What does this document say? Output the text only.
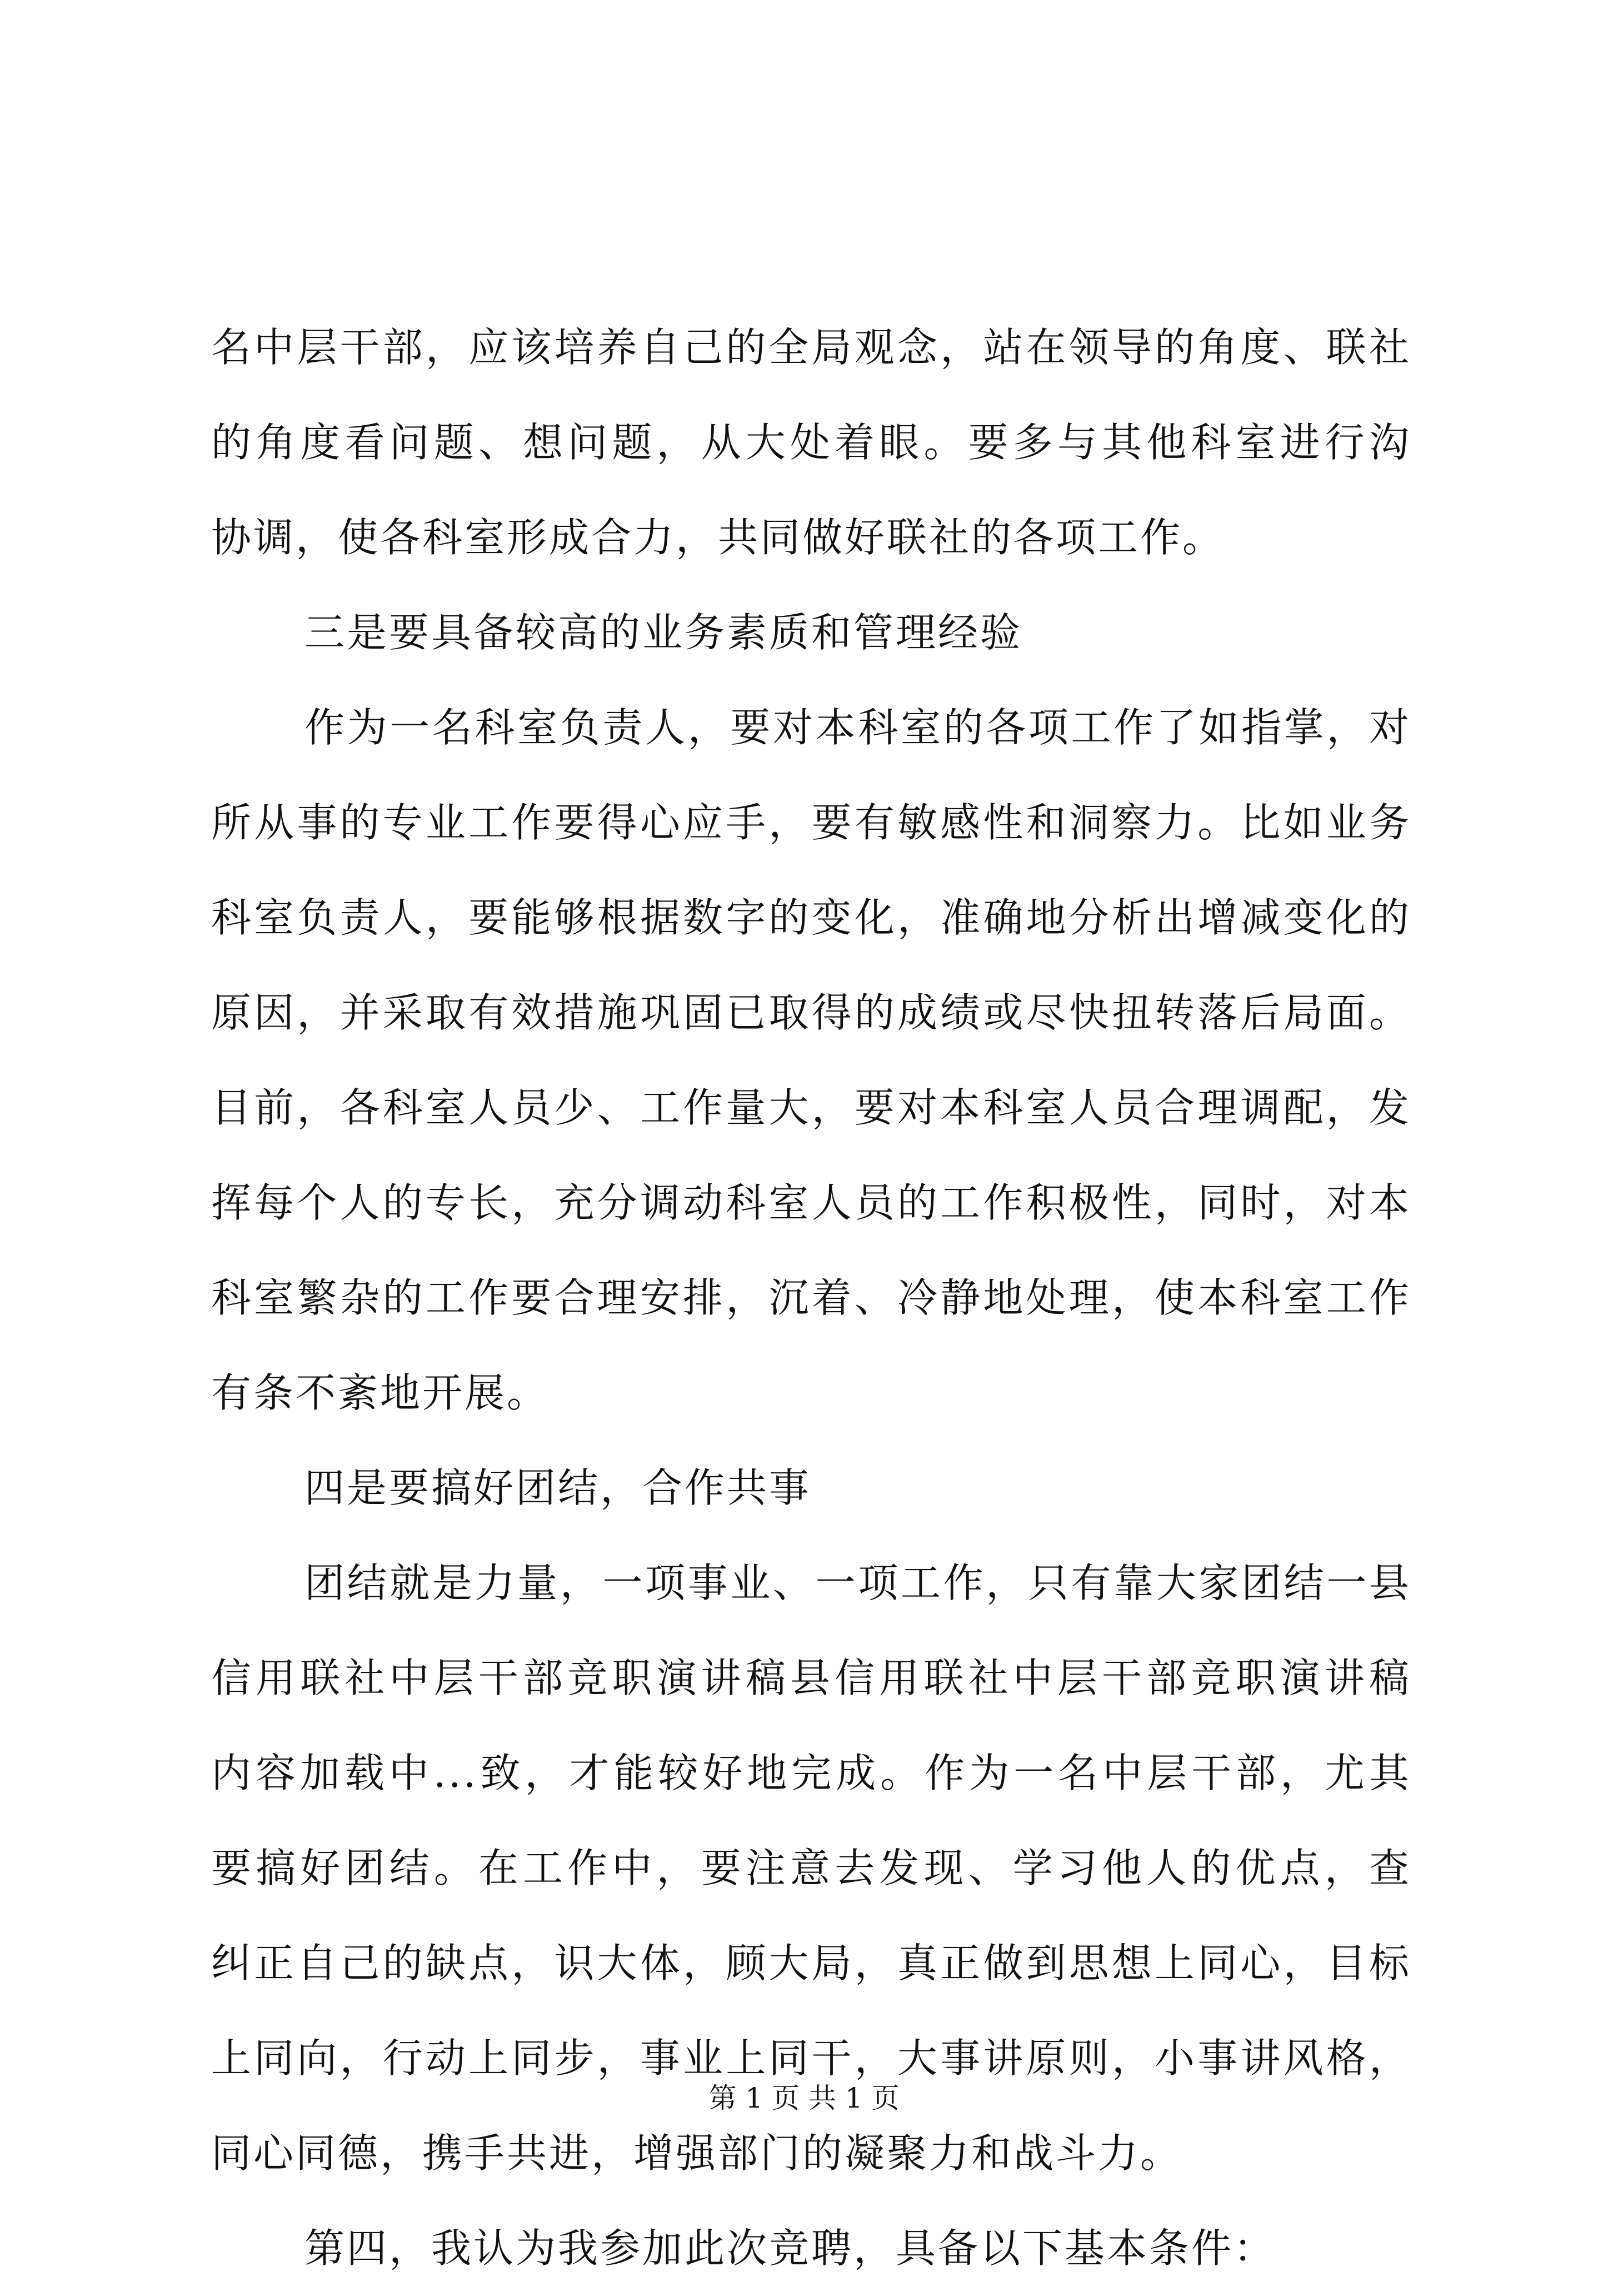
名中层干部，应该培养自己的全局观念，站在领导的角度、联社
的角度看问题、想问题，从大处着眼。要多与其他科室进行沟
协调，使各科室形成合力，共同做好联社的各项工作。
三是要具备较高的业务素质和管理经验
作为一名科室负责人，要对本科室的各项工作了如指掌，对
所从事的专业工作要得心应手，要有敏感性和洞察力。比如业务
科室负责人，要能够根据数字的变化，准确地分析出增减变化的
原因，并采取有效措施巩固已取得的成绩或尽快扭转落后局面。
目前，各科室人员少、工作量大，要对本科室人员合理调配，发
挥每个人的专长，充分调动科室人员的工作积极性，同时，对本
科室繁杂的工作要合理安排，沉着、冷静地处理，使本科室工作
有条不紊地开展。
四是要搞好团结，合作共事
团结就是力量，一项事业、一项工作，只有靠大家团结一县
信用联社中层干部竞职演讲稿县信用联社中层干部竞职演讲稿
内容加载中...致，才能较好地完成。作为一名中层干部，尤其
要搞好团结。在工作中，要注意去发现、学习他人的优点，查
纠正自己的缺点，识大体，顾大局，真正做到思想上同心，目标
上同向，行动上同步，事业上同干，大事讲原则，小事讲风格，
同心同德，携手共进，增强部门的凝聚力和战斗力。
第四，我认为我参加此次竞聘，具备以下基本条件：
第 1 页 共 1 页
